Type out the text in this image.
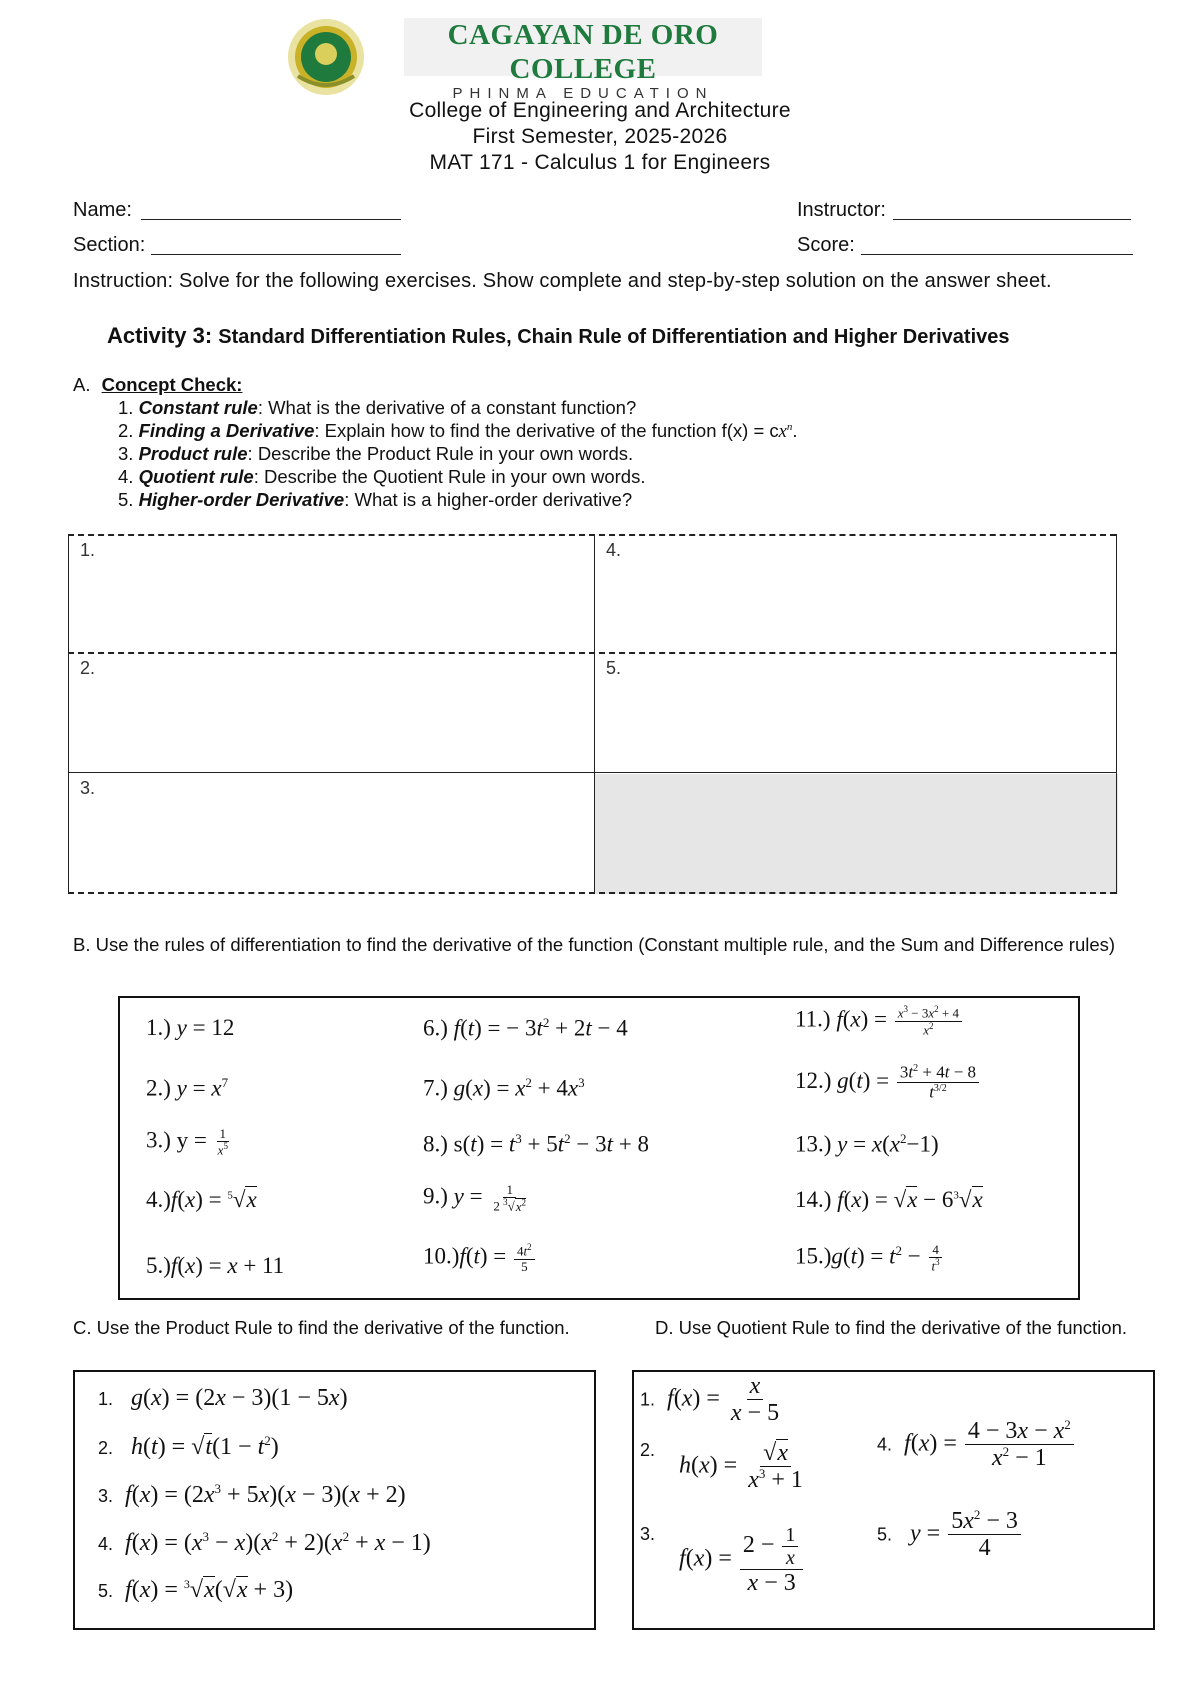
CAGAYAN DE ORO COLLEGE
PHINMA EDUCATION
College of Engineering and Architecture
First Semester, 2025-2026
MAT 171 - Calculus 1 for Engineers
Name:
Section:
Instructor:
Score:
Instruction: Solve for the following exercises. Show complete and step-by-step solution on the answer sheet.
Activity 3: Standard Differentiation Rules, Chain Rule of Differentiation and Higher Derivatives
A. Concept Check:
1. Constant rule: What is the derivative of a constant function?
2. Finding a Derivative: Explain how to find the derivative of the function $f(x) = cx^n$.
3. Product rule: Describe the Product Rule in your own words.
4. Quotient rule: Describe the Quotient Rule in your own words.
5. Higher-order Derivative: What is a higher-order derivative?
1.
2.
3.
4.
5.
B. Use the rules of differentiation to find the derivative of the function (Constant multiple rule, and the Sum and Difference rules)
1.) y = 12
2.) $y = x^7$
3.) $y = \frac{1}{x^5}$
4.)f(x) = $^5$√x
5.)f(x) = x + 11
6.) f(t) = − $3t^2 + 2t - 4$
7.) $g(x) = x^2 + 4x^3$
8.) $s(t) = t^3 + 5t^2 - 3t + 8$
9.) $y = \frac{1}{2 ^3√x^2}$
$10.)f(t) = \frac{4t^2}{5}$
11.) $f(x) = \frac{x^3 - 3x^2 + 4}{x^2}$
12.) $g(t) = \frac{3t^2 + 4t - 8}{t^{3/2}}$
13.) $y = x(x^2-1)$
14.) $f(x) = √x - 6^3√x$
$15.)g(t) = t^2 - \frac{4}{t^3}$
C. Use the Product Rule to find the derivative of the function.	D. Use Quotient Rule to find the derivative of the function.
1. g(x) = (2x − 3)(1 − 5x)
2. $h(t) = √t(1 - t^2)$
3. $f(x) = (2x^3 + 5x)(x - 3)(x + 2)$
4. $f(x) = (x^3 - x)(x^2 + 2)(x^2 + x - 1)$
5. f(x) = $^3$√x(√x + 3)
1. $f(x) = \frac{x}{x - 5}$
$^{2.}$    $h(x) = \frac{√x}{x^3 + 1}$
$^{3.}$    $f(x) = \frac{2 - \frac{1}{x}}{x - 3}$
4. $f(x) = \frac{4 - 3x - x^2}{x^2 - 1}$
5. $y = \frac{5x^2 - 3}{4}$
